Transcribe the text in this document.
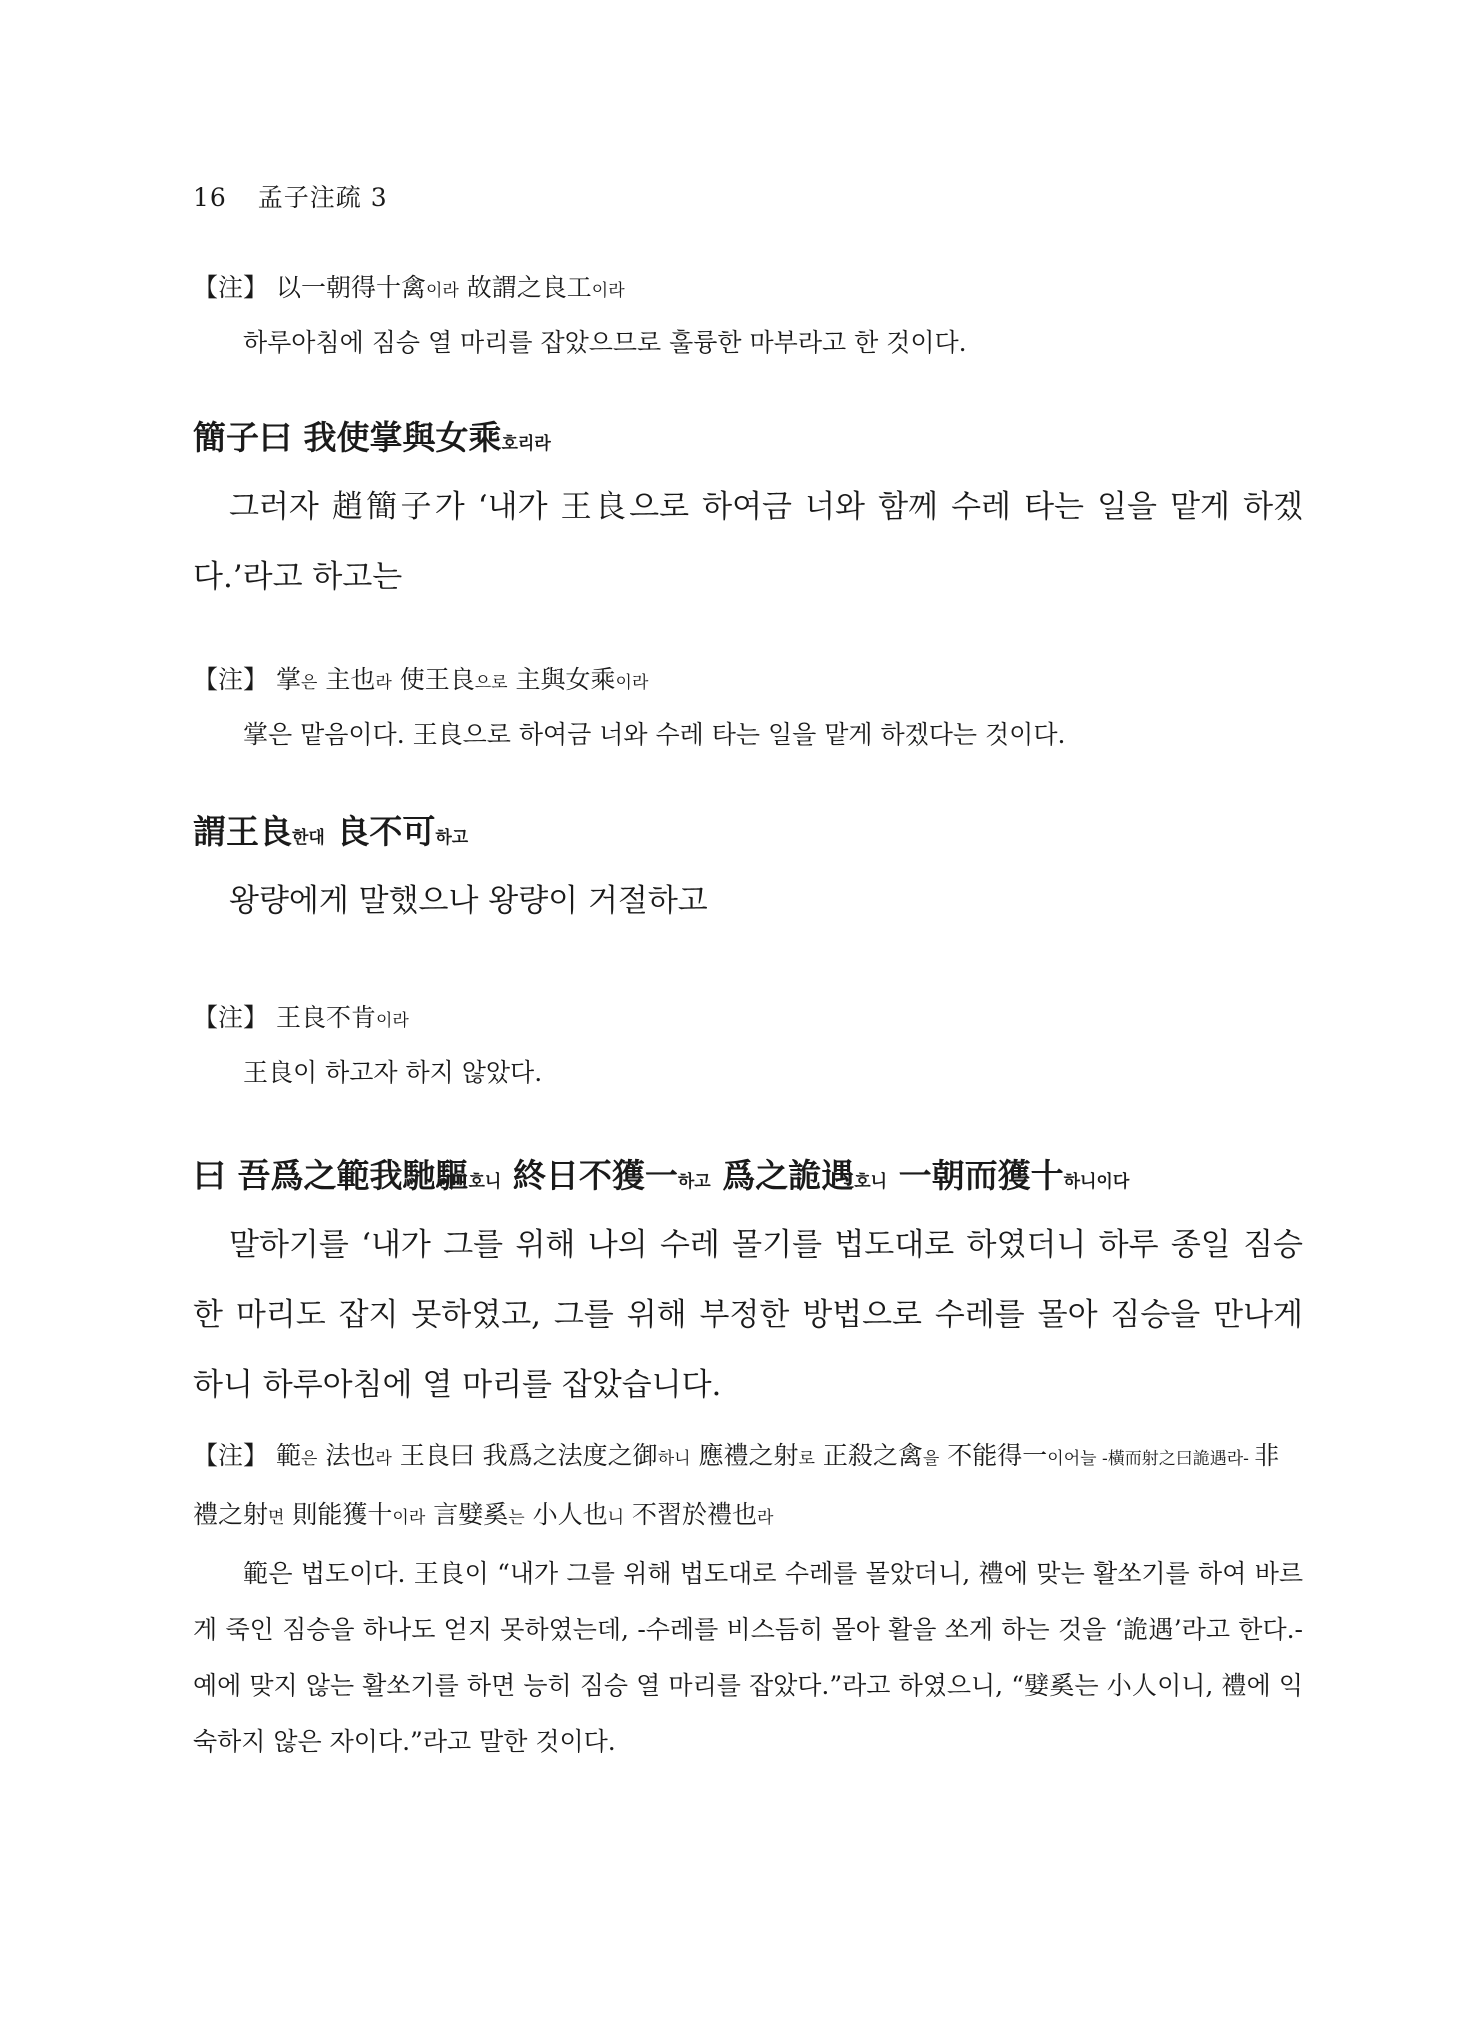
16 孟子注疏 3
【注】 以一朝得十禽이라 故謂之良工이라
하루아침에 짐승 열 마리를 잡았으므로 훌륭한 마부라고 한 것이다.
簡子曰 我使掌與女乘호리라
그러자 趙簡子가 ‘내가 王良으로 하여금 너와 함께 수레 타는 일을 맡게 하겠다.’라고 하고는
【注】 掌은 主也라 使王良으로 主與女乘이라
掌은 맡음이다. 王良으로 하여금 너와 수레 타는 일을 맡게 하겠다는 것이다.
謂王良한대 良不可하고
왕량에게 말했으나 왕량이 거절하고
【注】 王良不肯이라
王良이 하고자 하지 않았다.
曰 吾爲之範我馳驅호니 終日不獲一하고 爲之詭遇호니 一朝而獲十하니이다
말하기를 ‘내가 그를 위해 나의 수레 몰기를 법도대로 하였더니 하루 종일 짐승 한 마리도 잡지 못하였고, 그를 위해 부정한 방법으로 수레를 몰아 짐승을 만나게 하니 하루아침에 열 마리를 잡았습니다.
【注】 範은 法也라 王良曰 我爲之法度之御하니 應禮之射로 正殺之禽을 不能得一이어늘 -橫而射之曰詭遇라- 非禮之射면 則能獲十이라 言嬖奚는 小人也니 不習於禮也라
範은 법도이다. 王良이 “내가 그를 위해 법도대로 수레를 몰았더니, 禮에 맞는 활쏘기를 하여 바르게 죽인 짐승을 하나도 얻지 못하였는데, -수레를 비스듬히 몰아 활을 쏘게 하는 것을 ‘詭遇’라고 한다.- 예에 맞지 않는 활쏘기를 하면 능히 짐승 열 마리를 잡았다.”라고 하였으니, “嬖奚는 小人이니, 禮에 익숙하지 않은 자이다.”라고 말한 것이다.
